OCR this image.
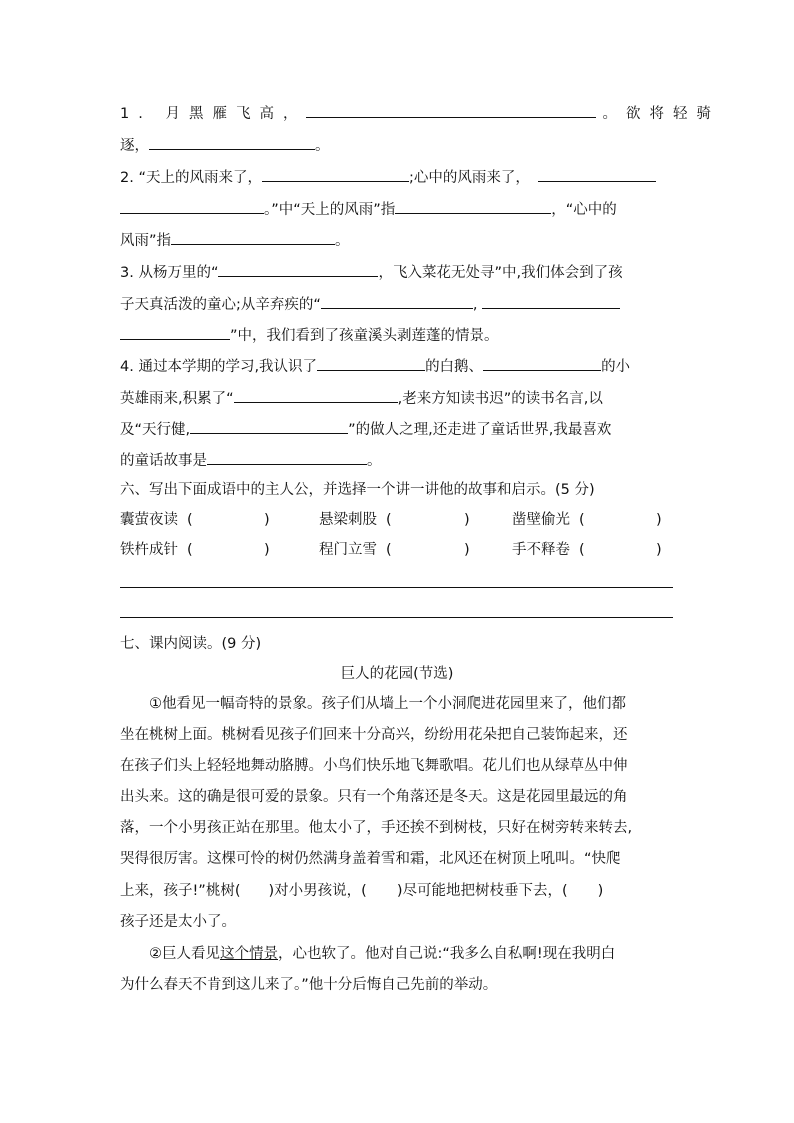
1. 月黑雁飞高，	。欲将轻骑
逐，	。
2. “天上的风雨来了，	;心中的风雨来了，
。”中“天上的风雨”指	，“心中的
风雨”指	。
3. 从杨万里的“	，飞入菜花无处寻”中,我们体会到了孩
子天真活泼的童心;从辛弃疾的“	,
”中，我们看到了孩童溪头剥莲蓬的情景。
4. 通过本学期的学习,我认识了	的白鹅、	的小
英雄雨来,积累了“	,老来方知读书迟”的读书名言,以
及“天行健,	”的做人之理,还走进了童话世界,我最喜欢
的童话故事是	。
六、写出下面成语中的主人公，并选择一个讲一讲他的故事和启示。(5 分)
囊萤夜读 (	)	悬梁刺股 (	)	凿壁偷光 (	)
铁杵成针 (	)	程门立雪 (	)	手不释卷 (	)
七、课内阅读。(9 分)
巨人的花园(节选)
①他看见一幅奇特的景象。孩子们从墙上一个小洞爬进花园里来了，他们都
坐在桃树上面。桃树看见孩子们回来十分高兴，纷纷用花朵把自己装饰起来，还
在孩子们头上轻轻地舞动胳膊。小鸟们快乐地飞舞歌唱。花儿们也从绿草丛中伸
出头来。这的确是很可爱的景象。只有一个角落还是冬天。这是花园里最远的角
落，一个小男孩正站在那里。他太小了，手还挨不到树枝，只好在树旁转来转去,
哭得很厉害。这棵可怜的树仍然满身盖着雪和霜，北风还在树顶上吼叫。“快爬
上来，孩子!”桃树( )对小男孩说，( )尽可能地把树枝垂下去，( )
孩子还是太小了。
②巨人看见这个情景，心也软了。他对自己说:“我多么自私啊!现在我明白
为什么春天不肯到这儿来了。”他十分后悔自己先前的举动。
